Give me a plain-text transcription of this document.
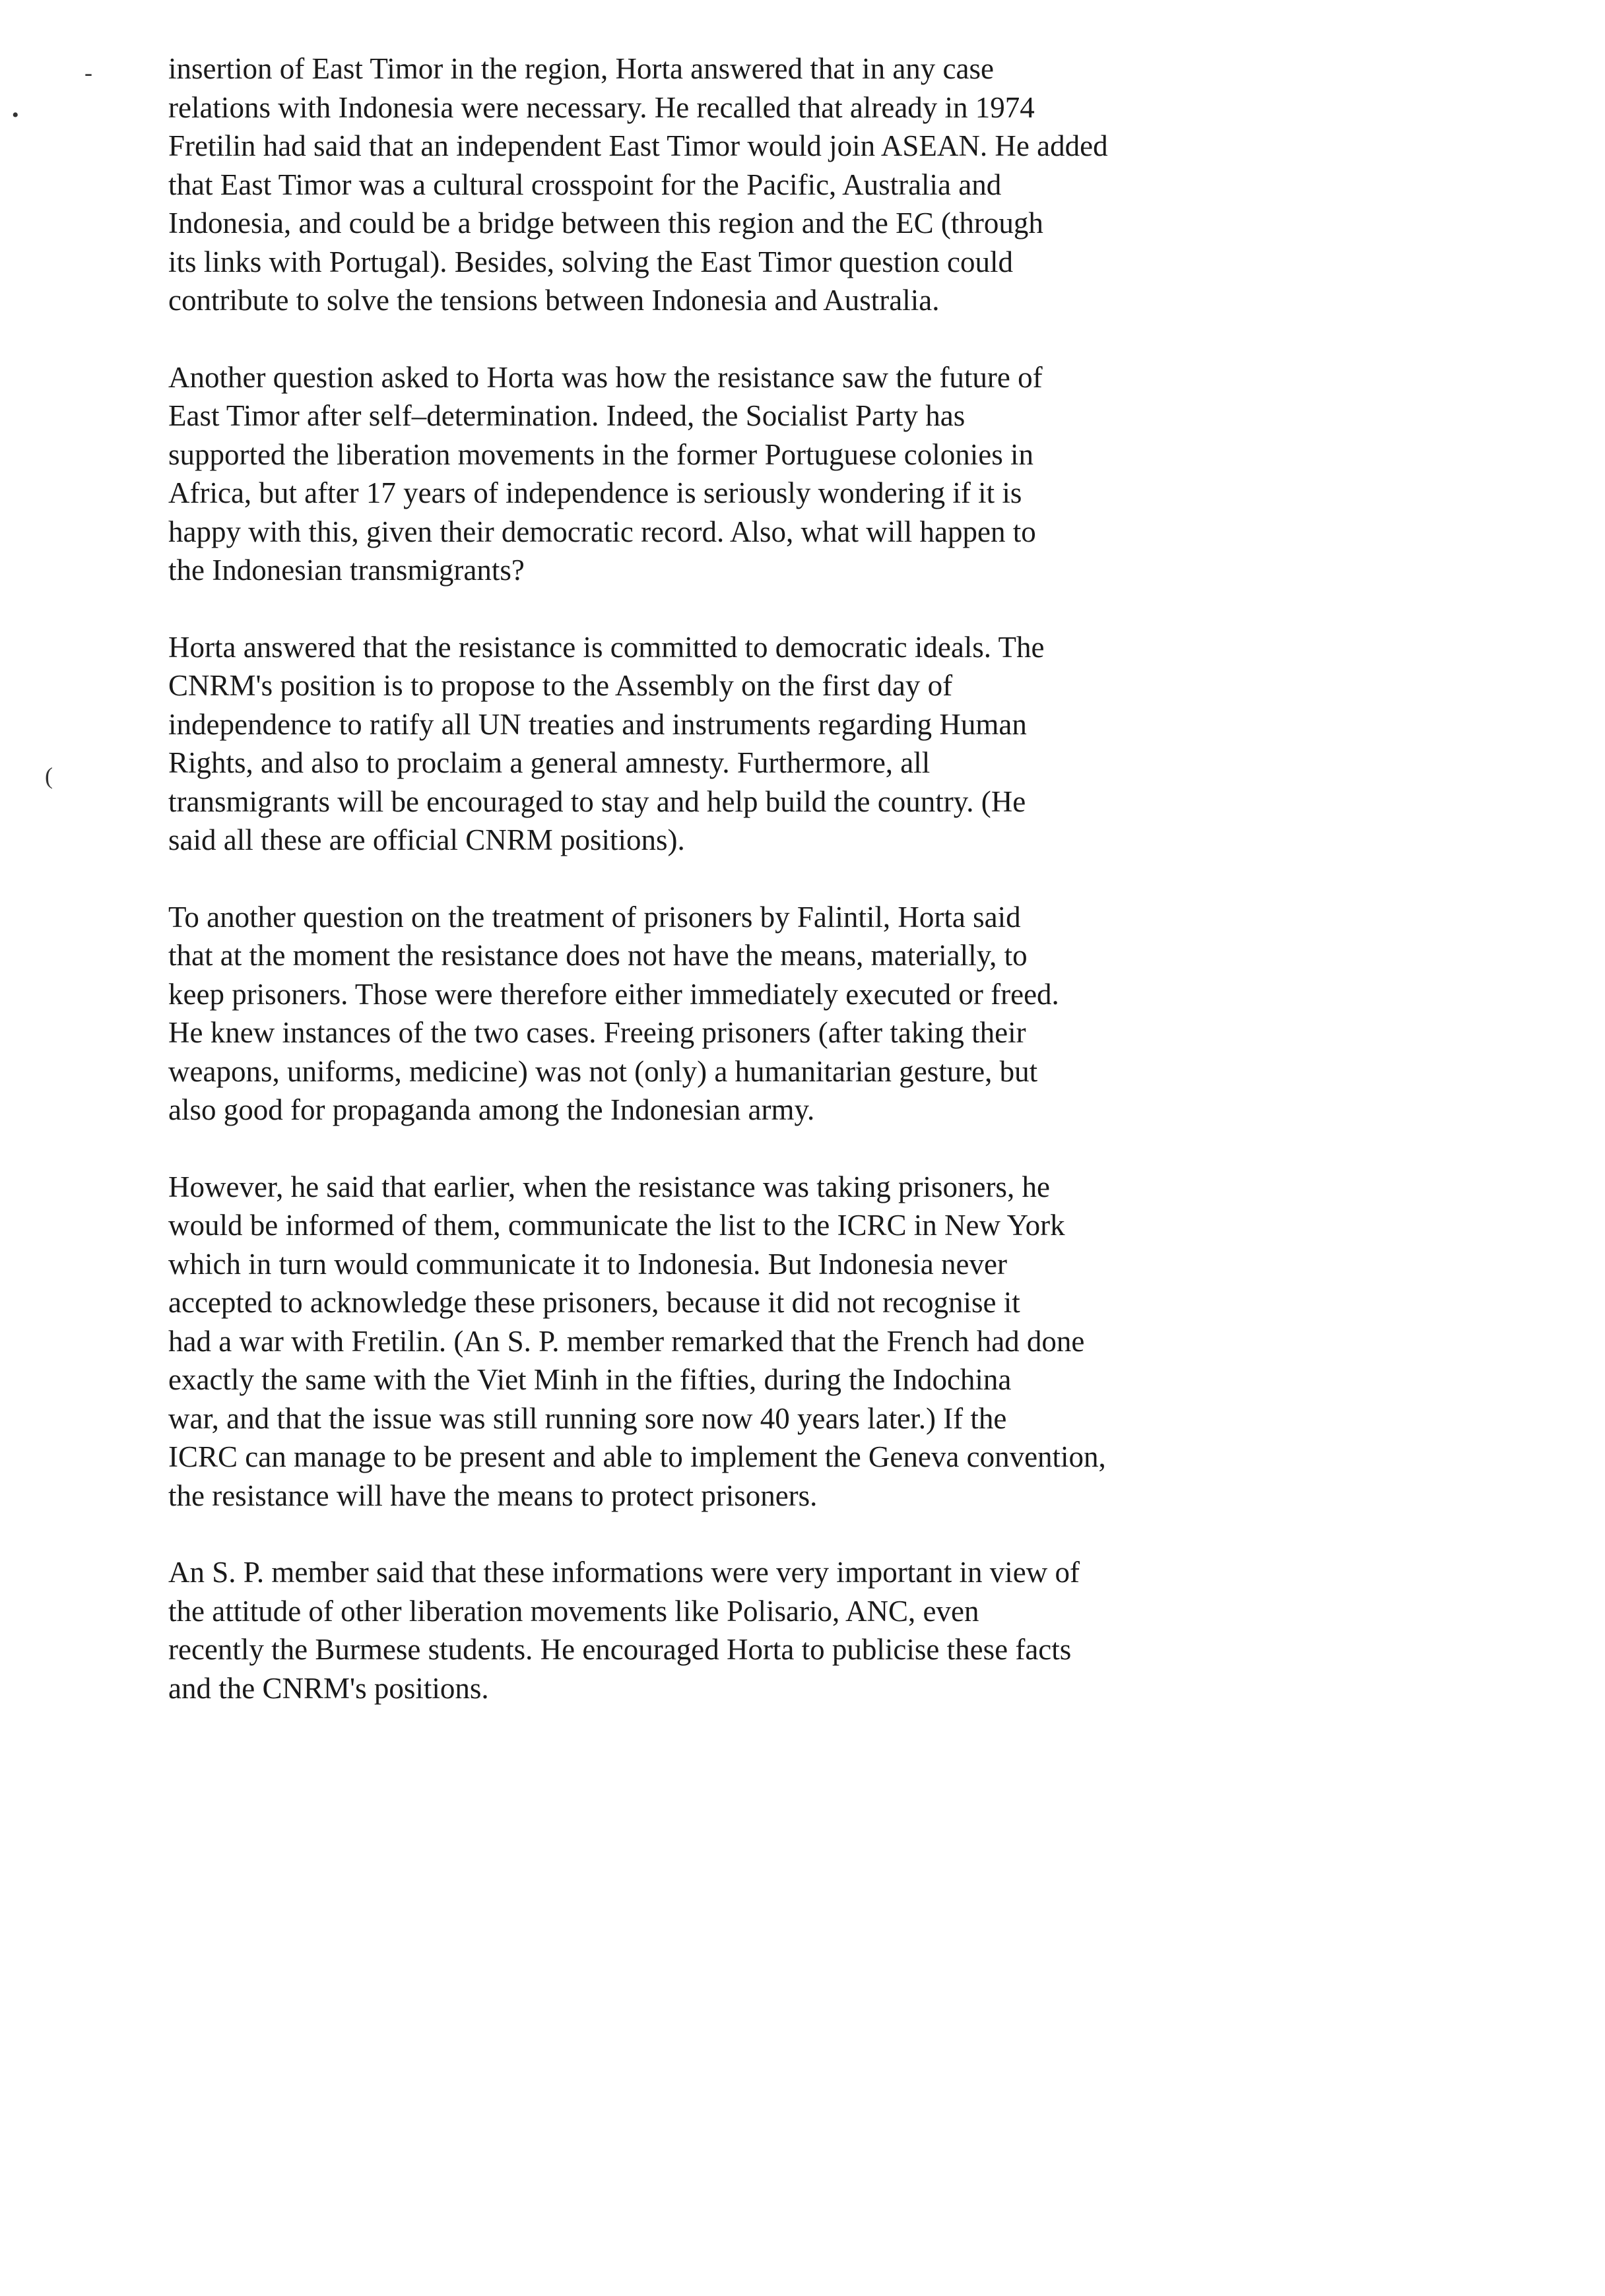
-
•
(
insertion of East Timor in the region, Horta answered that in any case
relations with Indonesia were necessary. He recalled that already in 1974
Fretilin had said that an independent East Timor would join ASEAN. He added
that East Timor was a cultural crosspoint for the Pacific, Australia and
Indonesia, and could be a bridge between this region and the EC (through
its links with Portugal). Besides, solving the East Timor question could
contribute to solve the tensions between Indonesia and Australia.
Another question asked to Horta was how the resistance saw the future of
East Timor after self–determination. Indeed, the Socialist Party has
supported the liberation movements in the former Portuguese colonies in
Africa, but after 17 years of independence is seriously wondering if it is
happy with this, given their democratic record. Also, what will happen to
the Indonesian transmigrants?
Horta answered that the resistance is committed to democratic ideals. The
CNRM's position is to propose to the Assembly on the first day of
independence to ratify all UN treaties and instruments regarding Human
Rights, and also to proclaim a general amnesty. Furthermore, all
transmigrants will be encouraged to stay and help build the country. (He
said all these are official CNRM positions).
To another question on the treatment of prisoners by Falintil, Horta said
that at the moment the resistance does not have the means, materially, to
keep prisoners. Those were therefore either immediately executed or freed.
He knew instances of the two cases. Freeing prisoners (after taking their
weapons, uniforms, medicine) was not (only) a humanitarian gesture, but
also good for propaganda among the Indonesian army.
However, he said that earlier, when the resistance was taking prisoners, he
would be informed of them, communicate the list to the ICRC in New York
which in turn would communicate it to Indonesia. But Indonesia never
accepted to acknowledge these prisoners, because it did not recognise it
had a war with Fretilin. (An S. P. member remarked that the French had done
exactly the same with the Viet Minh in the fifties, during the Indochina
war, and that the issue was still running sore now 40 years later.) If the
ICRC can manage to be present and able to implement the Geneva convention,
the resistance will have the means to protect prisoners.
An S. P. member said that these informations were very important in view of
the attitude of other liberation movements like Polisario, ANC, even
recently the Burmese students. He encouraged Horta to publicise these facts
and the CNRM's positions.
